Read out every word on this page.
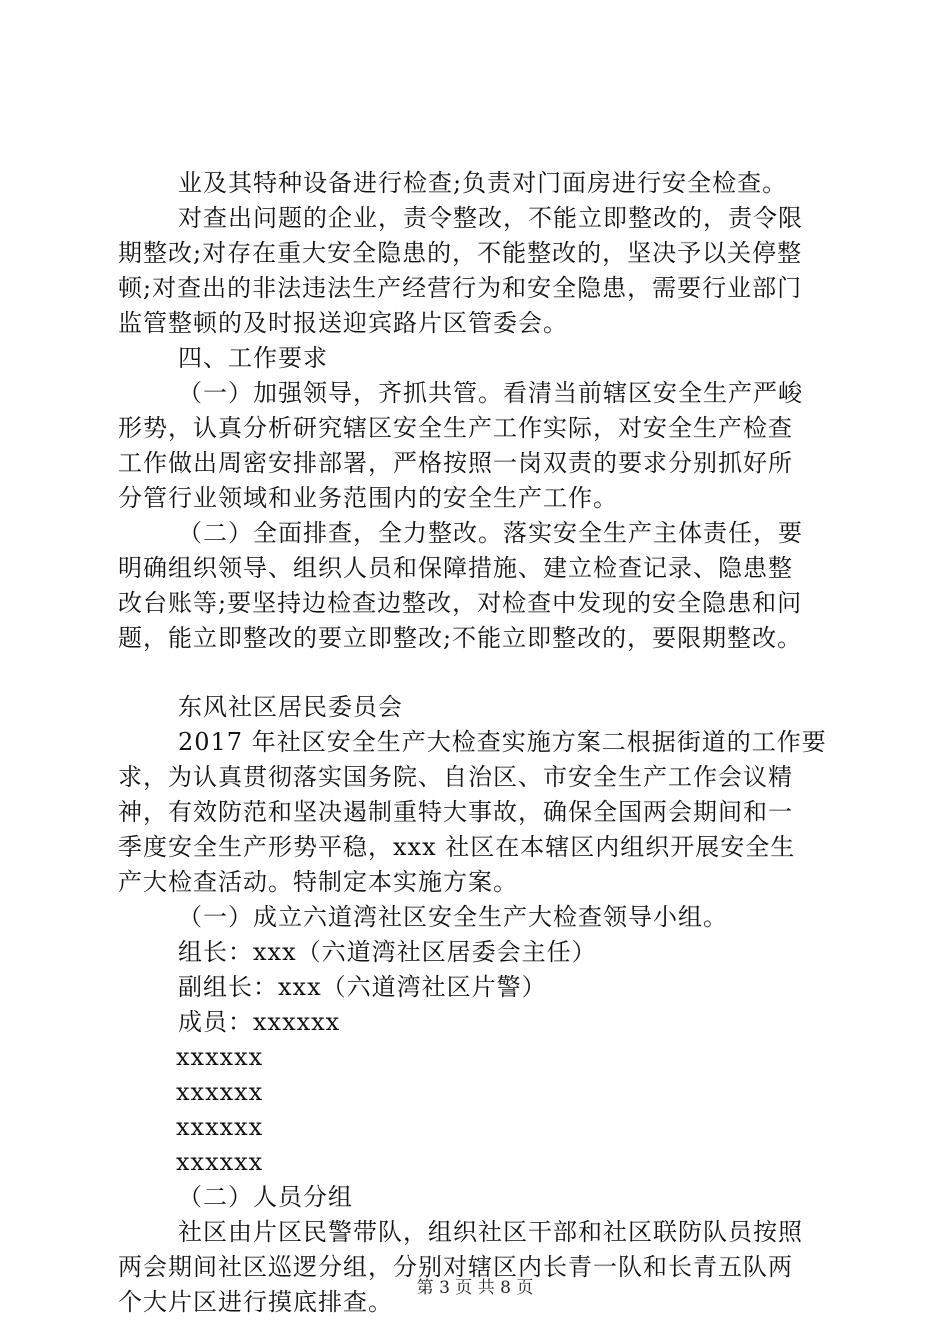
业及其特种设备进行检查;负责对门面房进行安全检查。
对查出问题的企业，责令整改，不能立即整改的，责令限
期整改;对存在重大安全隐患的，不能整改的，坚决予以关停整
顿;对查出的非法违法生产经营行为和安全隐患，需要行业部门
监管整顿的及时报送迎宾路片区管委会。
四、工作要求
（一）加强领导，齐抓共管。看清当前辖区安全生产严峻
形势，认真分析研究辖区安全生产工作实际，对安全生产检查
工作做出周密安排部署，严格按照一岗双责的要求分别抓好所
分管行业领域和业务范围内的安全生产工作。
（二）全面排查，全力整改。落实安全生产主体责任，要
明确组织领导、组织人员和保障措施、建立检查记录、隐患整
改台账等;要坚持边检查边整改，对检查中发现的安全隐患和问
题，能立即整改的要立即整改;不能立即整改的，要限期整改。
东风社区居民委员会
2017 年社区安全生产大检查实施方案二根据街道的工作要
求，为认真贯彻落实国务院、自治区、市安全生产工作会议精
神，有效防范和坚决遏制重特大事故，确保全国两会期间和一
季度安全生产形势平稳，xxx 社区在本辖区内组织开展安全生
产大检查活动。特制定本实施方案。
（一）成立六道湾社区安全生产大检查领导小组。
组长：xxx（六道湾社区居委会主任）
副组长：xxx（六道湾社区片警）
成员：xxxxxx
xxxxxx
xxxxxx
xxxxxx
xxxxxx
（二）人员分组
社区由片区民警带队，组织社区干部和社区联防队员按照
两会期间社区巡逻分组，分别对辖区内长青一队和长青五队两
个大片区进行摸底排查。	第 3 页 共 8 页
